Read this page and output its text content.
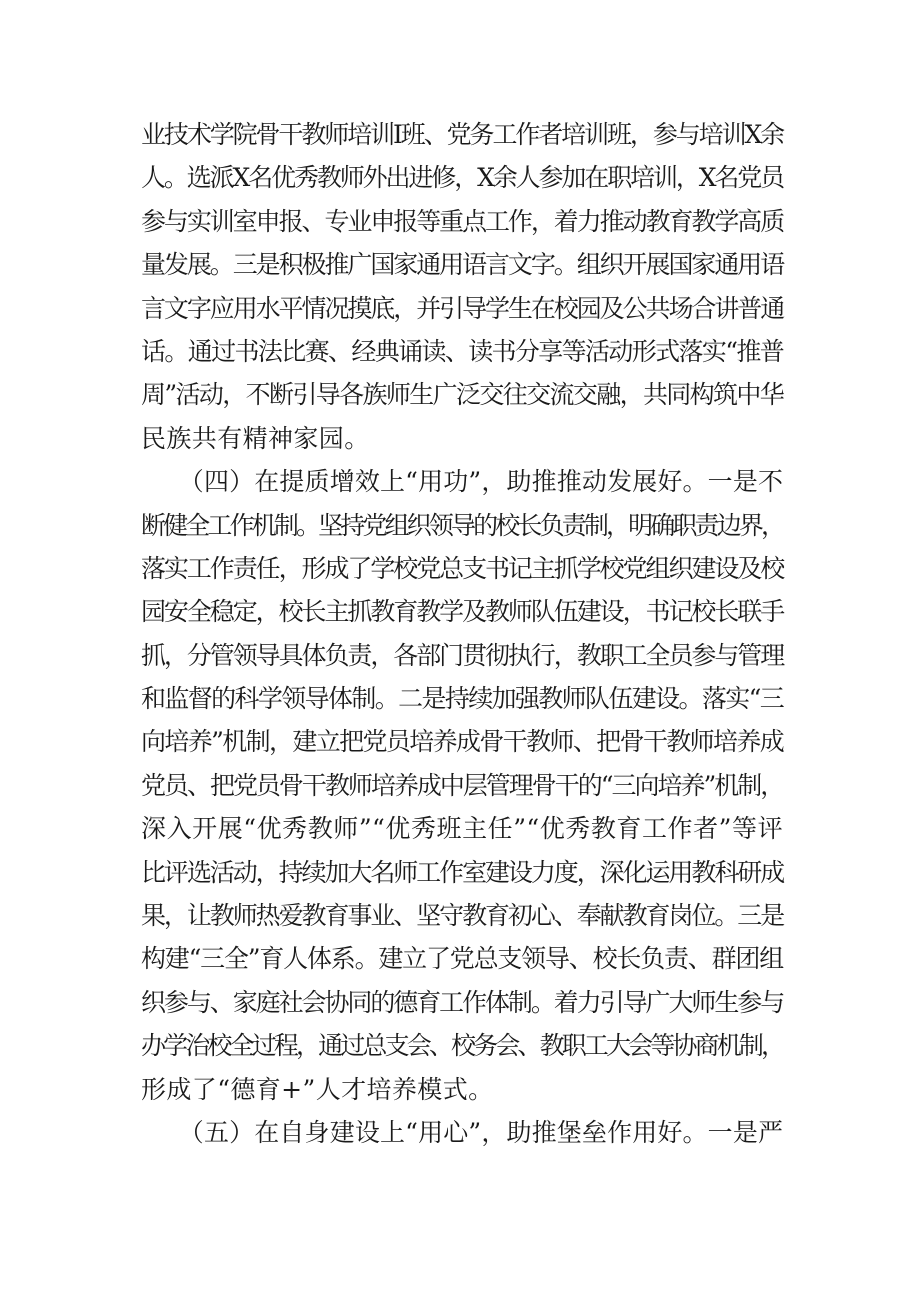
业技术学院骨干教师培训I班、党务工作者培训班，参与培训X余
人。选派X名优秀教师外出进修，X余人参加在职培训，X名党员
参与实训室申报、专业申报等重点工作，着力推动教育教学高质
量发展。三是积极推广国家通用语言文字。组织开展国家通用语
言文字应用水平情况摸底，并引导学生在校园及公共场合讲普通
话。通过书法比赛、经典诵读、读书分享等活动形式落实“推普
周”活动，不断引导各族师生广泛交往交流交融，共同构筑中华
民族共有精神家园。
　　（四）在提质增效上“用功”，助推推动发展好。一是不
断健全工作机制。坚持党组织领导的校长负责制，明确职责边界，
落实工作责任，形成了学校党总支书记主抓学校党组织建设及校
园安全稳定，校长主抓教育教学及教师队伍建设，书记校长联手
抓，分管领导具体负责，各部门贯彻执行，教职工全员参与管理
和监督的科学领导体制。二是持续加强教师队伍建设。落实“三
向培养”机制，建立把党员培养成骨干教师、把骨干教师培养成
党员、把党员骨干教师培养成中层管理骨干的“三向培养”机制，
深入开展“优秀教师”“优秀班主任”“优秀教育工作者”等评
比评选活动，持续加大名师工作室建设力度，深化运用教科研成
果，让教师热爱教育事业、坚守教育初心、奉献教育岗位。三是
构建“三全”育人体系。建立了党总支领导、校长负责、群团组
织参与、家庭社会协同的德育工作体制。着力引导广大师生参与
办学治校全过程，通过总支会、校务会、教职工大会等协商机制，
形成了“德育+”人才培养模式。
　　（五）在自身建设上“用心”，助推堡垒作用好。一是严
